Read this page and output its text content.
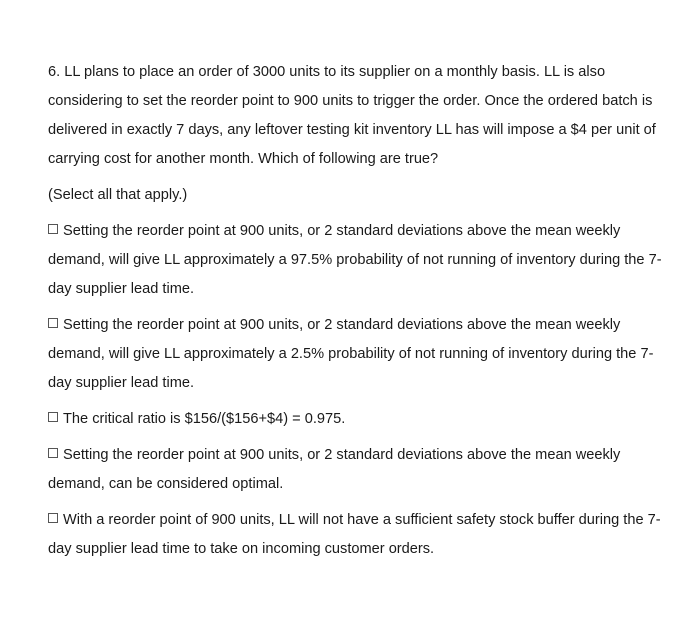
6. LL plans to place an order of 3000 units to its supplier on a monthly basis. LL is also considering to set the reorder point to 900 units to trigger the order. Once the ordered batch is delivered in exactly 7 days, any leftover testing kit inventory LL has will impose a $4 per unit of carrying cost for another month. Which of following are true?

(Select all that apply.)

Setting the reorder point at 900 units, or 2 standard deviations above the mean weekly demand, will give LL approximately a 97.5% probability of not running of inventory during the 7-day supplier lead time.
Setting the reorder point at 900 units, or 2 standard deviations above the mean weekly demand, will give LL approximately a 2.5% probability of not running of inventory during the 7-day supplier lead time.
The critical ratio is $156/($156+$4) = 0.975.
Setting the reorder point at 900 units, or 2 standard deviations above the mean weekly demand, can be considered optimal.
With a reorder point of 900 units, LL will not have a sufficient safety stock buffer during the 7-day supplier lead time to take on incoming customer orders.
